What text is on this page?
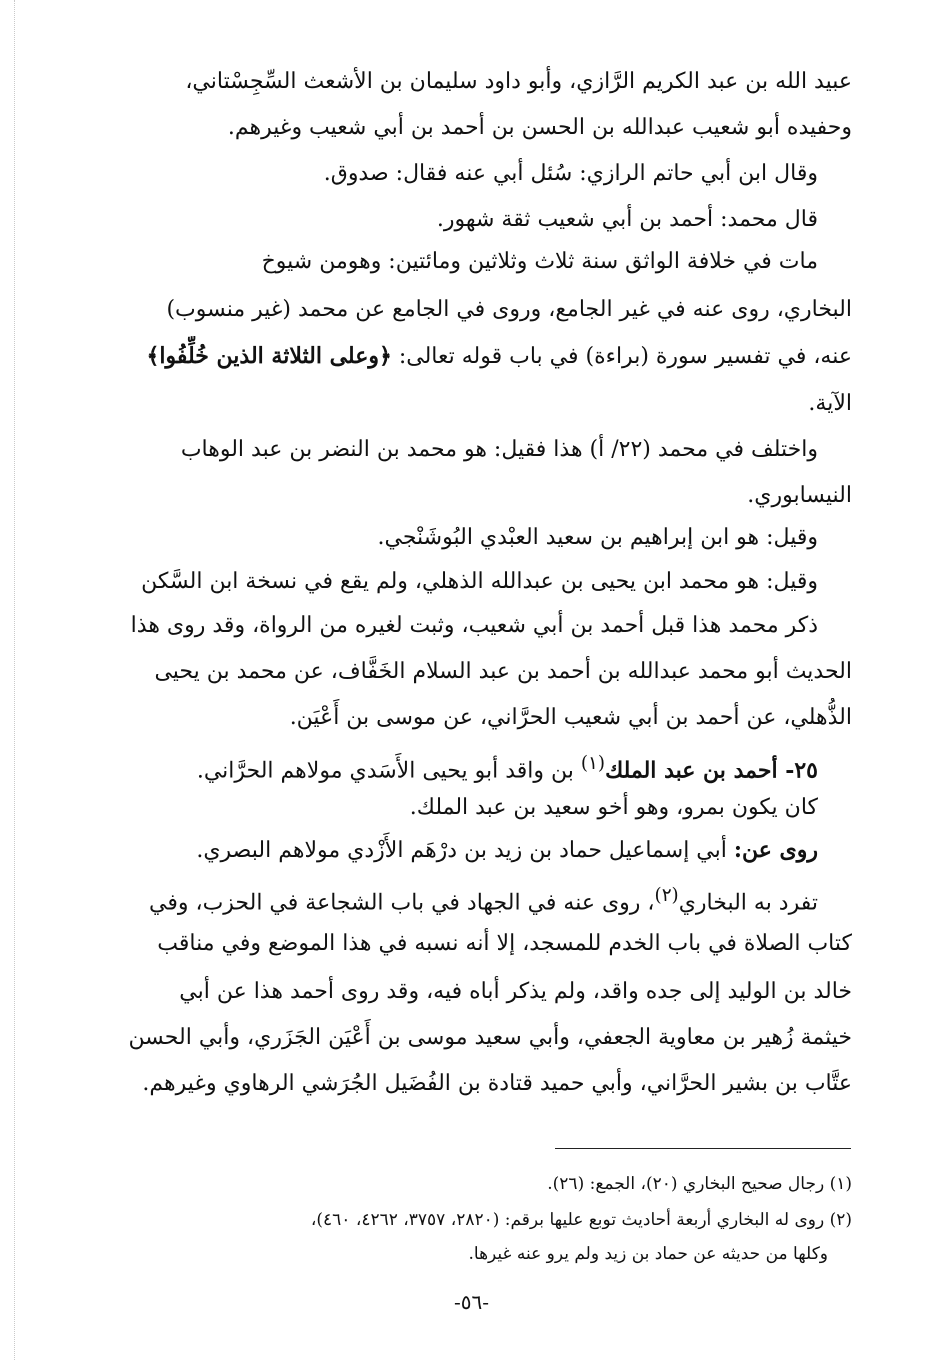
عبيد الله بن عبد الكريم الرَّازي، وأبو داود سليمان بن الأشعث السِّجِسْتاني،
وحفيده أبو شعيب عبدالله بن الحسن بن أحمد بن أبي شعيب وغيرهم.
وقال ابن أبي حاتم الرازي: سُئل أبي عنه فقال: صدوق.
قال محمد: أحمد بن أبي شعيب ثقة شهور.
مات في خلافة الواثق سنة ثلاث وثلاثين ومائتين: وهومن شيوخ
البخاري، روى عنه في غير الجامع، وروى في الجامع عن محمد (غير منسوب)
عنه، في تفسير سورة (براءة) في باب قوله تعالى: ﴿وعلى الثلاثة الذين خُلِّفُوا﴾
الآية.
واختلف في محمد (٢٢/ أ) هذا فقيل: هو محمد بن النضر بن عبد الوهاب
النيسابوري.
وقيل: هو ابن إبراهيم بن سعيد العبْدي البُوشَنْجي.
وقيل: هو محمد ابن يحيى بن عبدالله الذهلي، ولم يقع في نسخة ابن السَّكن
ذكر محمد هذا قبل أحمد بن أبي شعيب، وثبت لغيره من الرواة، وقد روى هذا
الحديث أبو محمد عبدالله بن أحمد بن عبد السلام الخَفَّاف، عن محمد بن يحيى
الذُّهلي، عن أحمد بن أبي شعيب الحرَّاني، عن موسى بن أَعْيَن.
٢٥- أحمد بن عبد الملك$^{(١)}$ بن واقد أبو يحيى الأَسَدي مولاهم الحرَّاني.
كان يكون بمرو، وهو أخو سعيد بن عبد الملك.
روى عن: أبي إسماعيل حماد بن زيد بن درْهَم الأَزْدي مولاهم البصري.
تفرد به البخاري$^{(٢)}$، روى عنه في الجهاد في باب الشجاعة في الحزب، وفي
كتاب الصلاة في باب الخدم للمسجد، إلا أنه نسبه في هذا الموضع وفي مناقب
خالد بن الوليد إلى جده واقد، ولم يذكر أباه فيه، وقد روى أحمد هذا عن أبي
خيثمة زُهير بن معاوية الجعفي، وأبي سعيد موسى بن أَعْيَن الجَزَري، وأبي الحسن
عتَّاب بن بشير الحرَّاني، وأبي حميد قتادة بن الفُضَيل الجُرَشي الرهاوي وغيرهم.
(١) رجال صحيح البخاري (٢٠)، الجمع: (٢٦).
(٢) روى له البخاري أربعة أحاديث توبع عليها برقم: (٢٨٢٠، ٣٧٥٧، ٤٢٦٢، ٤٦٠)،
وكلها من حديثه عن حماد بن زيد ولم يرو عنه غيرها.
-٥٦-
